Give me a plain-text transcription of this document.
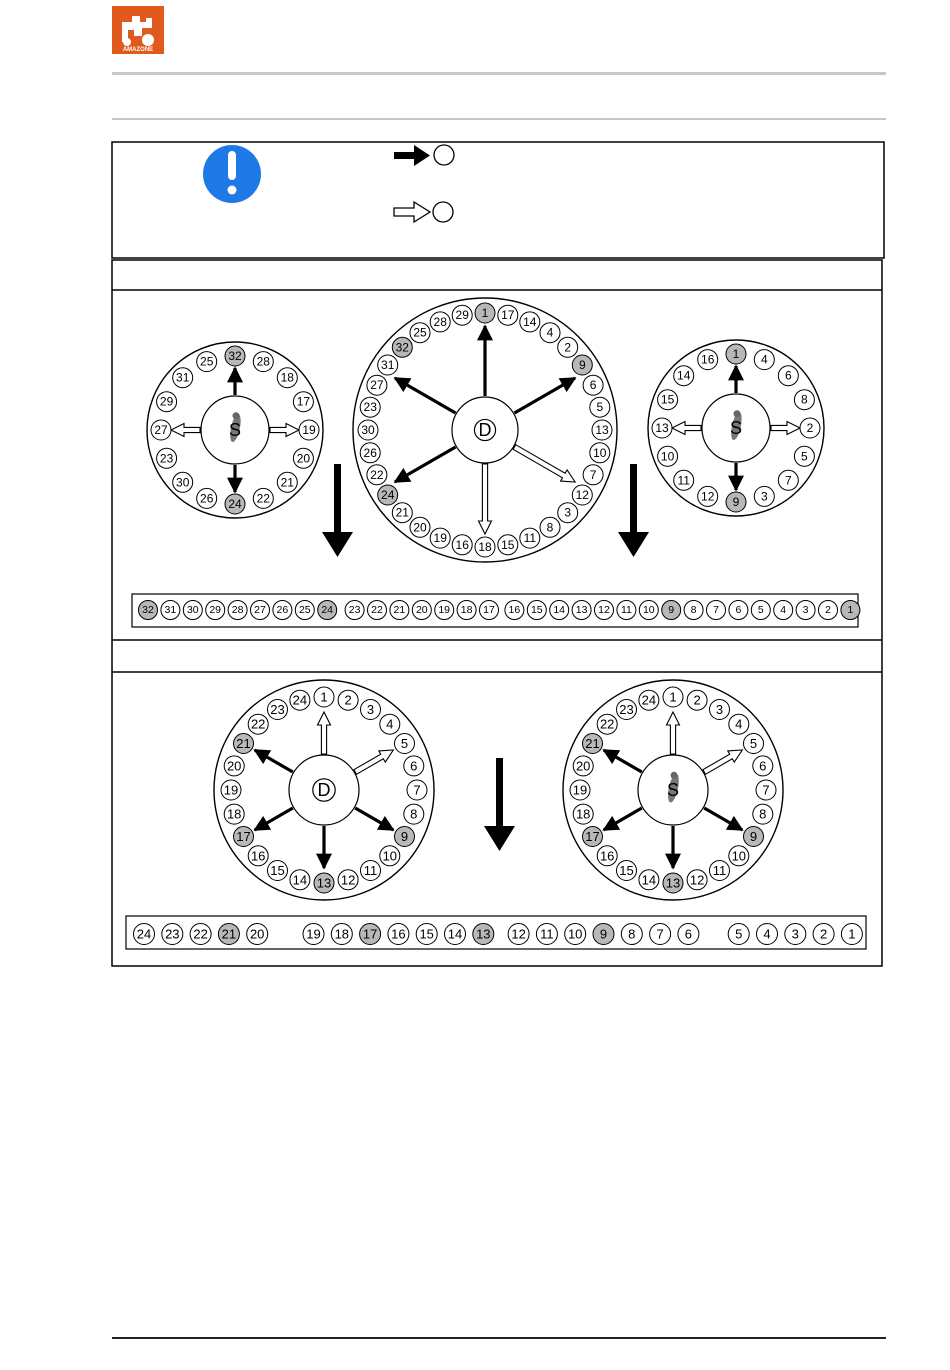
AMAZONE
S
32 28
18
17
19
20
21
22
24
26
30
23
27
29
31
25
D
1 17 14
4
2
9
6
5
13
10
7
12
3
8
11
15
18
16
19
20
21
24
22
26
30
23
27
31
32
25
28 29
S
1 4
6
8
2
5
7
3
9
12
11
10
13
15
14
16
D
1 2
3
4
5
6
7
8
9
10
11
12
13
14
15
16
17
18
19
20
21
22
23
24
S
1 2
3
4
5
6
7
8
9
10
11
12
13
14
15
16
17
18
19
20
21
22
23
24
32 31 30 29 28 27 26 25 24 23 22 21 20 19 18 17 16 15 14 13 12 11 10 9 8 7 6 5 4 3 2 1
24 23 22 21 20	19 18 17 16 15 14 13 12 11 10 9 8 7 6	5 4 3 2 1
